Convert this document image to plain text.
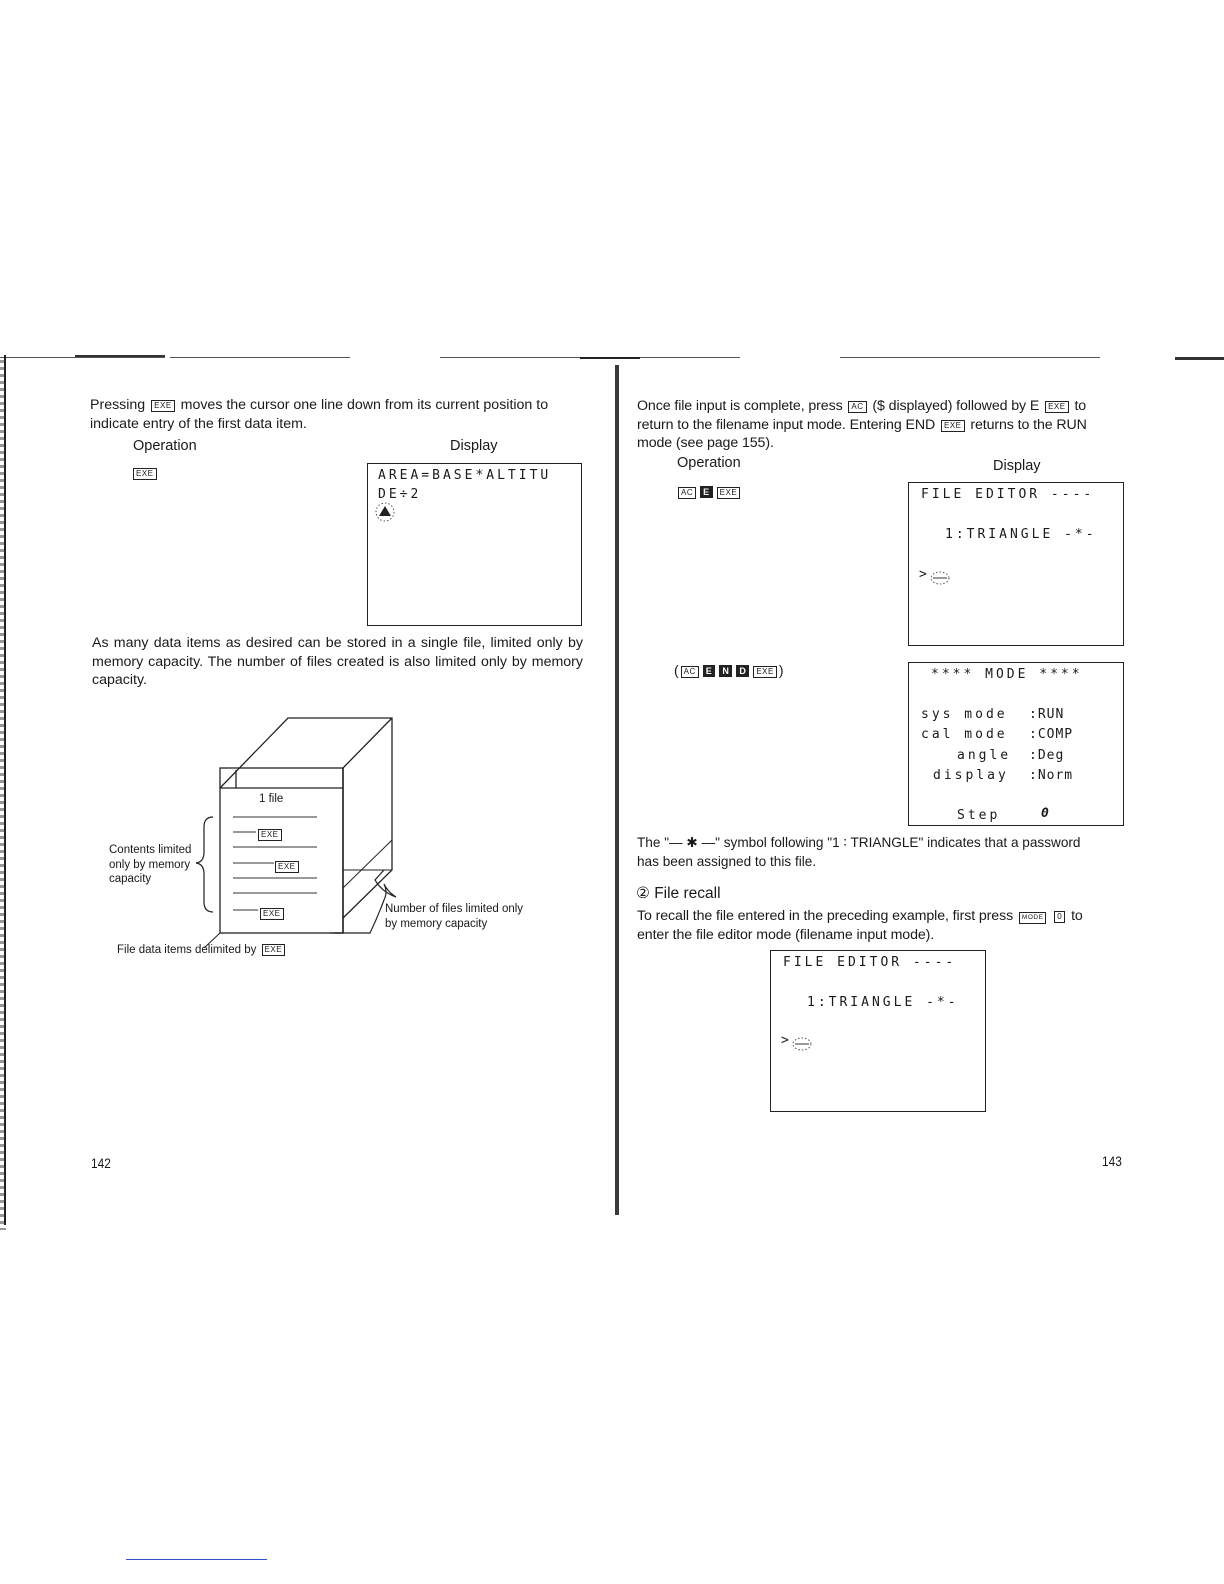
Pressing EXE moves the cursor one line down from its current position to
indicate entry of the first data item.
Operation	Display
EXE	AREA=BASE*ALTITU
DE÷2
As many data items as desired can be stored in a single file, limited only by memory capacity. The number of files created is also limited only by memory capacity.
1 file
EXE
EXE
EXE
Contents limited
only by memory
capacity
Number of files limited only
by memory capacity
File data items delimited by EXE
142
Once file input is complete, press AC ($ displayed) followed by E EXE to
return to the filename input mode. Entering END EXE returns to the RUN
mode (see page 155).
Operation	Display
AC E EXE	FILE EDITOR ----
1:TRIANGLE -*-
>
( AC E N D EXE )	**** MODE ****
sys mode :RUN
cal mode :COMP
angle :Deg
display :Norm
Step	0
The "— ✱ —" symbol following "1 ∶ TRIANGLE" indicates that a password
has been assigned to this file.
② File recall
To recall the file entered in the preceding example, first press MODE 0 to
enter the file editor mode (filename input mode).
FILE EDITOR ----
1:TRIANGLE -*-
>
143
